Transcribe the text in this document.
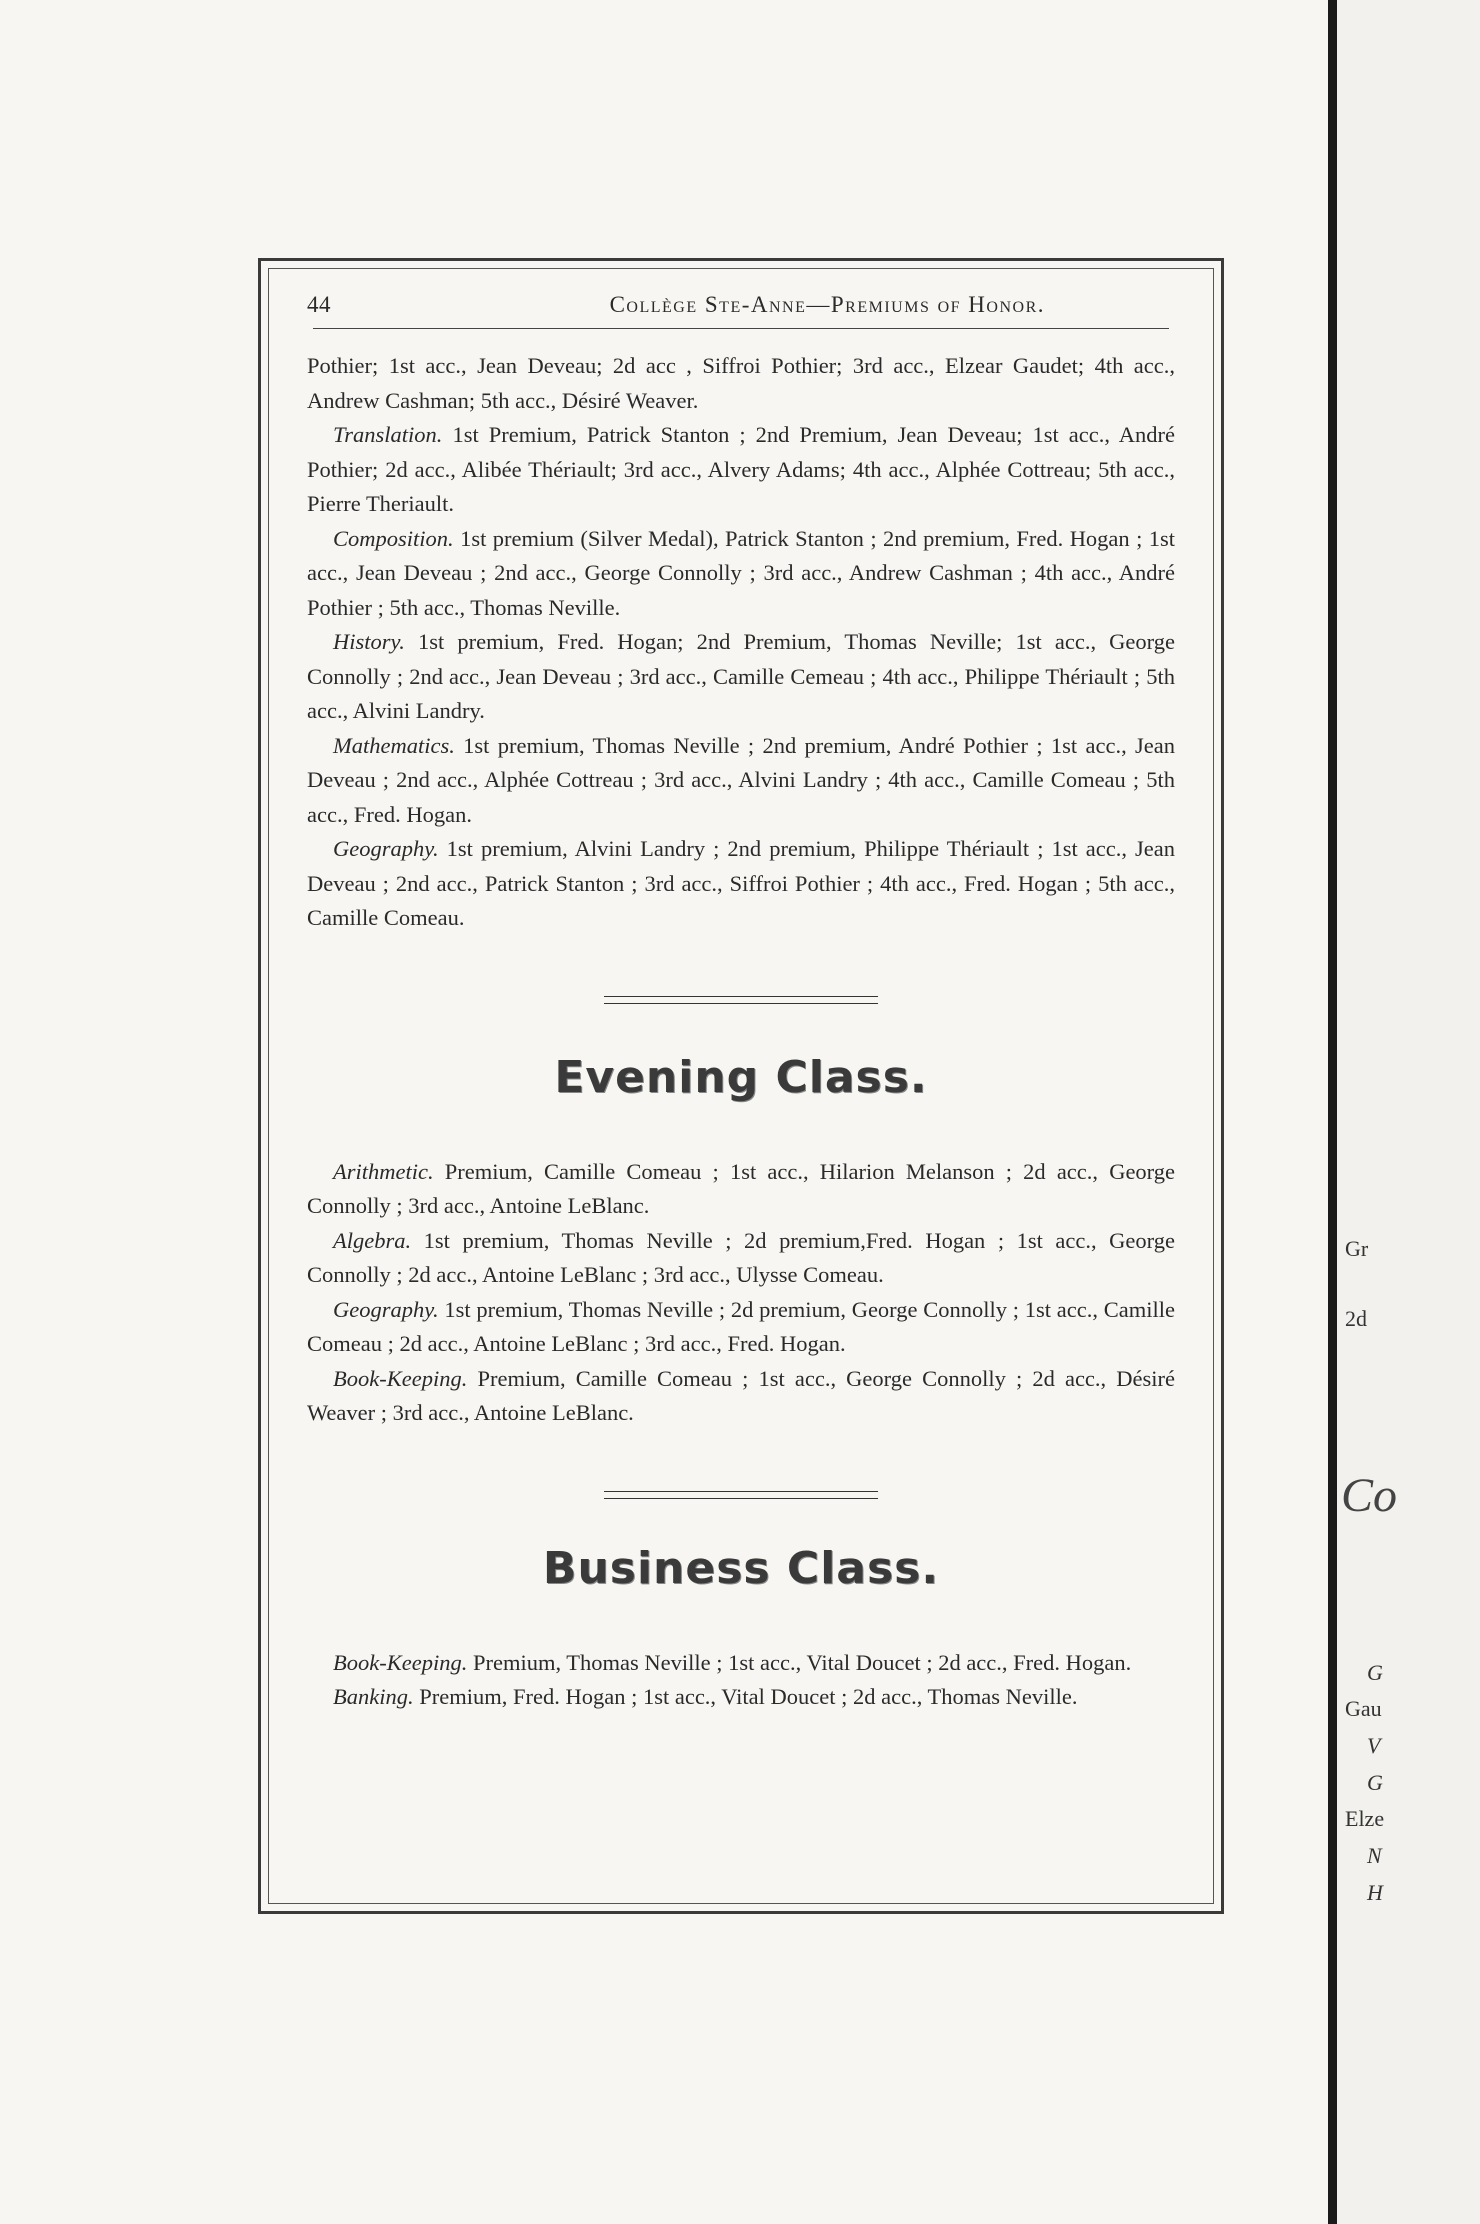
Gr
2d
Co
G
Gau
V
G
Elze
N
H
44	Collège Ste-Anne—Premiums of Honor.

Pothier; 1st acc., Jean Deveau; 2d acc , Siffroi Pothier; 3rd acc., Elzear Gaudet; 4th acc., Andrew Cashman; 5th acc., Désiré Weaver.

Translation. 1st Premium, Patrick Stanton ; 2nd Premium, Jean Deveau; 1st acc., André Pothier; 2d acc., Alibée Thériault; 3rd acc., Alvery Adams; 4th acc., Alphée Cottreau; 5th acc., Pierre Theriault.

Composition. 1st premium (Silver Medal), Patrick Stanton ; 2nd premium, Fred. Hogan ; 1st acc., Jean Deveau ; 2nd acc., George Connolly ; 3rd acc., Andrew Cashman ; 4th acc., André Pothier ; 5th acc., Thomas Neville.

History. 1st premium, Fred. Hogan; 2nd Premium, Thomas Neville; 1st acc., George Connolly ; 2nd acc., Jean Deveau ; 3rd acc., Camille Cemeau ; 4th acc., Philippe Thériault ; 5th acc., Alvini Landry.

Mathematics. 1st premium, Thomas Neville ; 2nd premium, André Pothier ; 1st acc., Jean Deveau ; 2nd acc., Alphée Cottreau ; 3rd acc., Alvini Landry ; 4th acc., Camille Comeau ; 5th acc., Fred. Hogan.

Geography. 1st premium, Alvini Landry ; 2nd premium, Philippe Thériault ; 1st acc., Jean Deveau ; 2nd acc., Patrick Stanton ; 3rd acc., Siffroi Pothier ; 4th acc., Fred. Hogan ; 5th acc., Camille Comeau.

Evening Class.

Arithmetic. Premium, Camille Comeau ; 1st acc., Hilarion Melanson ; 2d acc., George Connolly ; 3rd acc., Antoine LeBlanc.

Algebra. 1st premium, Thomas Neville ; 2d premium,Fred. Hogan ; 1st acc., George Connolly ; 2d acc., Antoine LeBlanc ; 3rd acc., Ulysse Comeau.

Geography. 1st premium, Thomas Neville ; 2d premium, George Connolly ; 1st acc., Camille Comeau ; 2d acc., Antoine LeBlanc ; 3rd acc., Fred. Hogan.

Book-Keeping. Premium, Camille Comeau ; 1st acc., George Connolly ; 2d acc., Désiré Weaver ; 3rd acc., Antoine LeBlanc.

Business Class.

Book-Keeping. Premium, Thomas Neville ; 1st acc., Vital Doucet ; 2d acc., Fred. Hogan.

Banking. Premium, Fred. Hogan ; 1st acc., Vital Doucet ; 2d acc., Thomas Neville.
